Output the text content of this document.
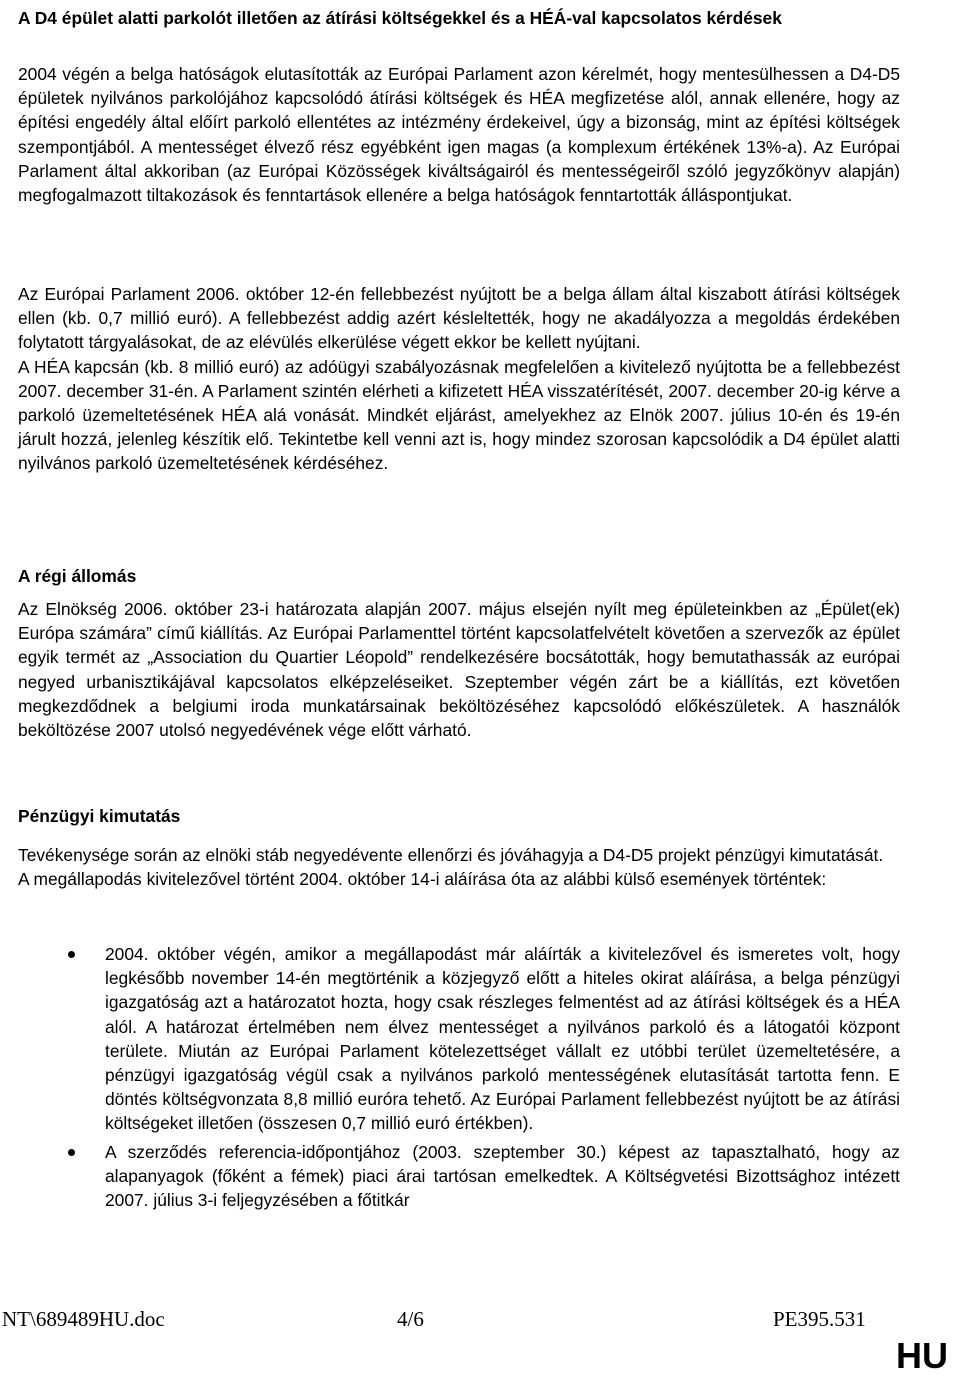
A D4 épület alatti parkolót illetően az átírási költségekkel és a HÉÁ-val kapcsolatos kérdések

2004 végén a belga hatóságok elutasították az Európai Parlament azon kérelmét, hogy mentesülhessen a D4-D5 épületek nyilvános parkolójához kapcsolódó átírási költségek és HÉA megfizetése alól, annak ellenére, hogy az építési engedély által előírt parkoló ellentétes az intézmény érdekeivel, úgy a bizonság, mint az építési költségek szempontjából. A mentességet élvező rész egyébként igen magas (a komplexum értékének 13%-a). Az Európai Parlament által akkoriban (az Európai Közösségek kiváltságairól és mentességeiről szóló jegyzőkönyv alapján) megfogalmazott tiltakozások és fenntartások ellenére a belga hatóságok fenntartották álláspontjukat.

Az Európai Parlament 2006. október 12-én fellebbezést nyújtott be a belga állam által kiszabott átírási költségek ellen (kb. 0,7 millió euró). A fellebbezést addig azért késleltették, hogy ne akadályozza a megoldás érdekében folytatott tárgyalásokat, de az elévülés elkerülése végett ekkor be kellett nyújtani.

A HÉA kapcsán (kb. 8 millió euró) az adóügyi szabályozásnak megfelelően a kivitelező nyújtotta be a fellebbezést 2007. december 31-én. A Parlament szintén elérheti a kifizetett HÉA visszatérítését, 2007. december 20-ig kérve a parkoló üzemeltetésének HÉA alá vonását. Mindkét eljárást, amelyekhez az Elnök 2007. július 10-én és 19-én járult hozzá, jelenleg készítik elő. Tekintetbe kell venni azt is, hogy mindez szorosan kapcsolódik a D4 épület alatti nyilvános parkoló üzemeltetésének kérdéséhez.

A régi állomás

Az Elnökség 2006. október 23-i határozata alapján 2007. május elsején nyílt meg épületeinkben az „Épület(ek) Európa számára” című kiállítás. Az Európai Parlamenttel történt kapcsolatfelvételt követően a szervezők az épület egyik termét az „Association du Quartier Léopold” rendelkezésére bocsátották, hogy bemutathassák az európai negyed urbanisztikájával kapcsolatos elképzeléseiket. Szeptember végén zárt be a kiállítás, ezt követően megkezdődnek a belgiumi iroda munkatársainak beköltözéséhez kapcsolódó előkészületek. A használók beköltözése 2007 utolsó negyedévének vége előtt várható.

Pénzügyi kimutatás

Tevékenysége során az elnöki stáb negyedévente ellenőrzi és jóváhagyja a D4-D5 projekt pénzügyi kimutatását.

A megállapodás kivitelezővel történt 2004. október 14-i aláírása óta az alábbi külső események történtek:

2004. október végén, amikor a megállapodást már aláírták a kivitelezővel és ismeretes volt, hogy legkésőbb november 14-én megtörténik a közjegyző előtt a hiteles okirat aláírása, a belga pénzügyi igazgatóság azt a határozatot hozta, hogy csak részleges felmentést ad az átírási költségek és a HÉA alól. A határozat értelmében nem élvez mentességet a nyilvános parkoló és a látogatói központ területe. Miután az Európai Parlament kötelezettséget vállalt ez utóbbi terület üzemeltetésére, a pénzügyi igazgatóság végül csak a nyilvános parkoló mentességének elutasítását tartotta fenn. E döntés költségvonzata 8,8 millió euróra tehető. Az Európai Parlament fellebbezést nyújtott be az átírási költségeket illetően (összesen 0,7 millió euró értékben).
A szerződés referencia-időpontjához (2003. szeptember 30.) képest az tapasztalható, hogy az alapanyagok (főként a fémek) piaci árai tartósan emelkedtek. A Költségvetési Bizottsághoz intézett 2007. július 3-i feljegyzésében a főtitkár
NT\689489HU.doc	4/6	PE395.531
HU
